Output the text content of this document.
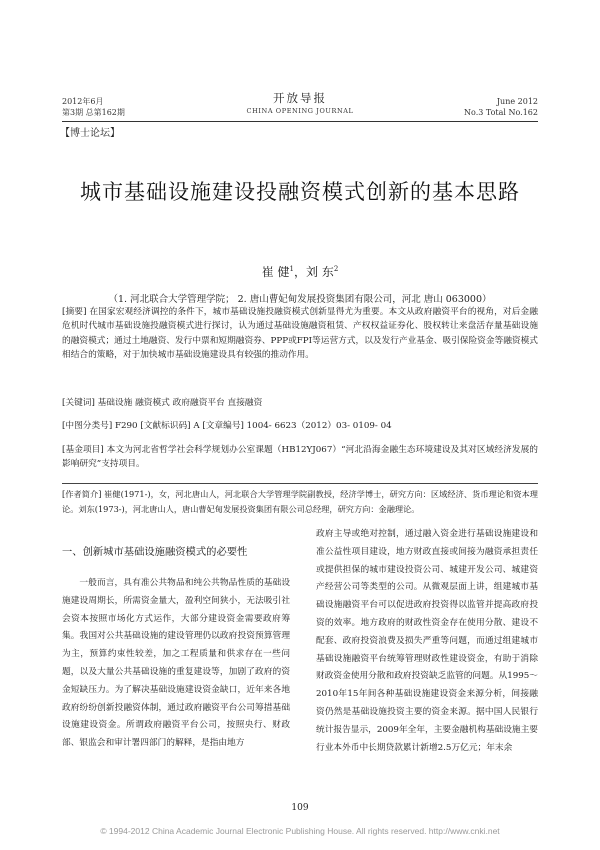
2012年6月
第3期 总第162期
开放导报
CHINA OPENING JOURNAL
June 2012
No.3 Total No.162
【博士论坛】
城市基础设施建设投融资模式创新的基本思路
崔 健$^1$，刘 东$^2$
（1. 河北联合大学管理学院； 2. 唐山曹妃甸发展投资集团有限公司，河北 唐山 063000）
[摘要] 在国家宏观经济调控的条件下，城市基础设施投融资模式创新显得尤为重要。本文从政府融资平台的视角，对后金融危机时代城市基础设施投融资模式进行探讨，认为通过基础设施融资租赁、产权权益证券化、股权转让来盘活存量基础设施的融资模式；通过土地融资、发行中票和短期融资券、PPP或FPI等运营方式，以及发行产业基金、吸引保险资金等融资模式相结合的策略，对于加快城市基础设施建设具有较强的推动作用。
[关键词] 基础设施 融资模式 政府融资平台 直接融资
[中图分类号] F290 [文献标识码] A [文章编号] 1004- 6623（2012）03- 0109- 04
[基金项目] 本文为河北省哲学社会科学规划办公室课题（HB12YJ067）“河北沿海金融生态环境建设及其对区域经济发展的影响研究”支持项目。
[作者简介] 崔健(1971-)，女，河北唐山人，河北联合大学管理学院副教授，经济学博士，研究方向：区域经济、货币理论和资本理论。刘东(1973-)，河北唐山人，唐山曹妃甸发展投资集团有限公司总经理，研究方向：金融理论。
一、创新城市基础设施融资模式的必要性
一般而言，具有准公共物品和纯公共物品性质的基础设施建设周期长，所需资金量大，盈利空间狭小，无法吸引社会资本按照市场化方式运作，大部分建设资金需要政府筹集。我国对公共基础设施的建设管理仍以政府投资预算管理为主，预算约束性较差，加之工程质量和供求存在一些问题，以及大量公共基础设施的重复建设等，加剧了政府的资金短缺压力。为了解决基础设施建设资金缺口，近年来各地政府纷纷创新投融资体制，通过政府融资平台公司筹措基础设施建设资金。所谓政府融资平台公司，按照央行、财政部、银监会和审计署四部门的解释，是指由地方
政府主导或绝对控制，通过融入资金进行基础设施建设和准公益性项目建设，地方财政直接或间接为融资承担责任或提供担保的城市建设投资公司、城建开发公司、城建资产经营公司等类型的公司。从微观层面上讲，组建城市基础设施融资平台可以促进政府投资得以监管并提高政府投资的效率。地方政府的财政性资金存在使用分散、建设不配套、政府投资浪费及损失严重等问题，而通过组建城市基础设施融资平台统筹管理财政性建设资金，有助于消除财政资金使用分散和政府投资缺乏监管的问题。从1995～2010年15年间各种基础设施建设资金来源分析，间接融资仍然是基础设施投资主要的资金来源。据中国人民银行统计报告显示，2009年全年，主要金融机构基础设施主要行业本外币中长期贷款累计新增2.5万亿元；年末余
109
© 1994-2012 China Academic Journal Electronic Publishing House. All rights reserved. http://www.cnki.net
